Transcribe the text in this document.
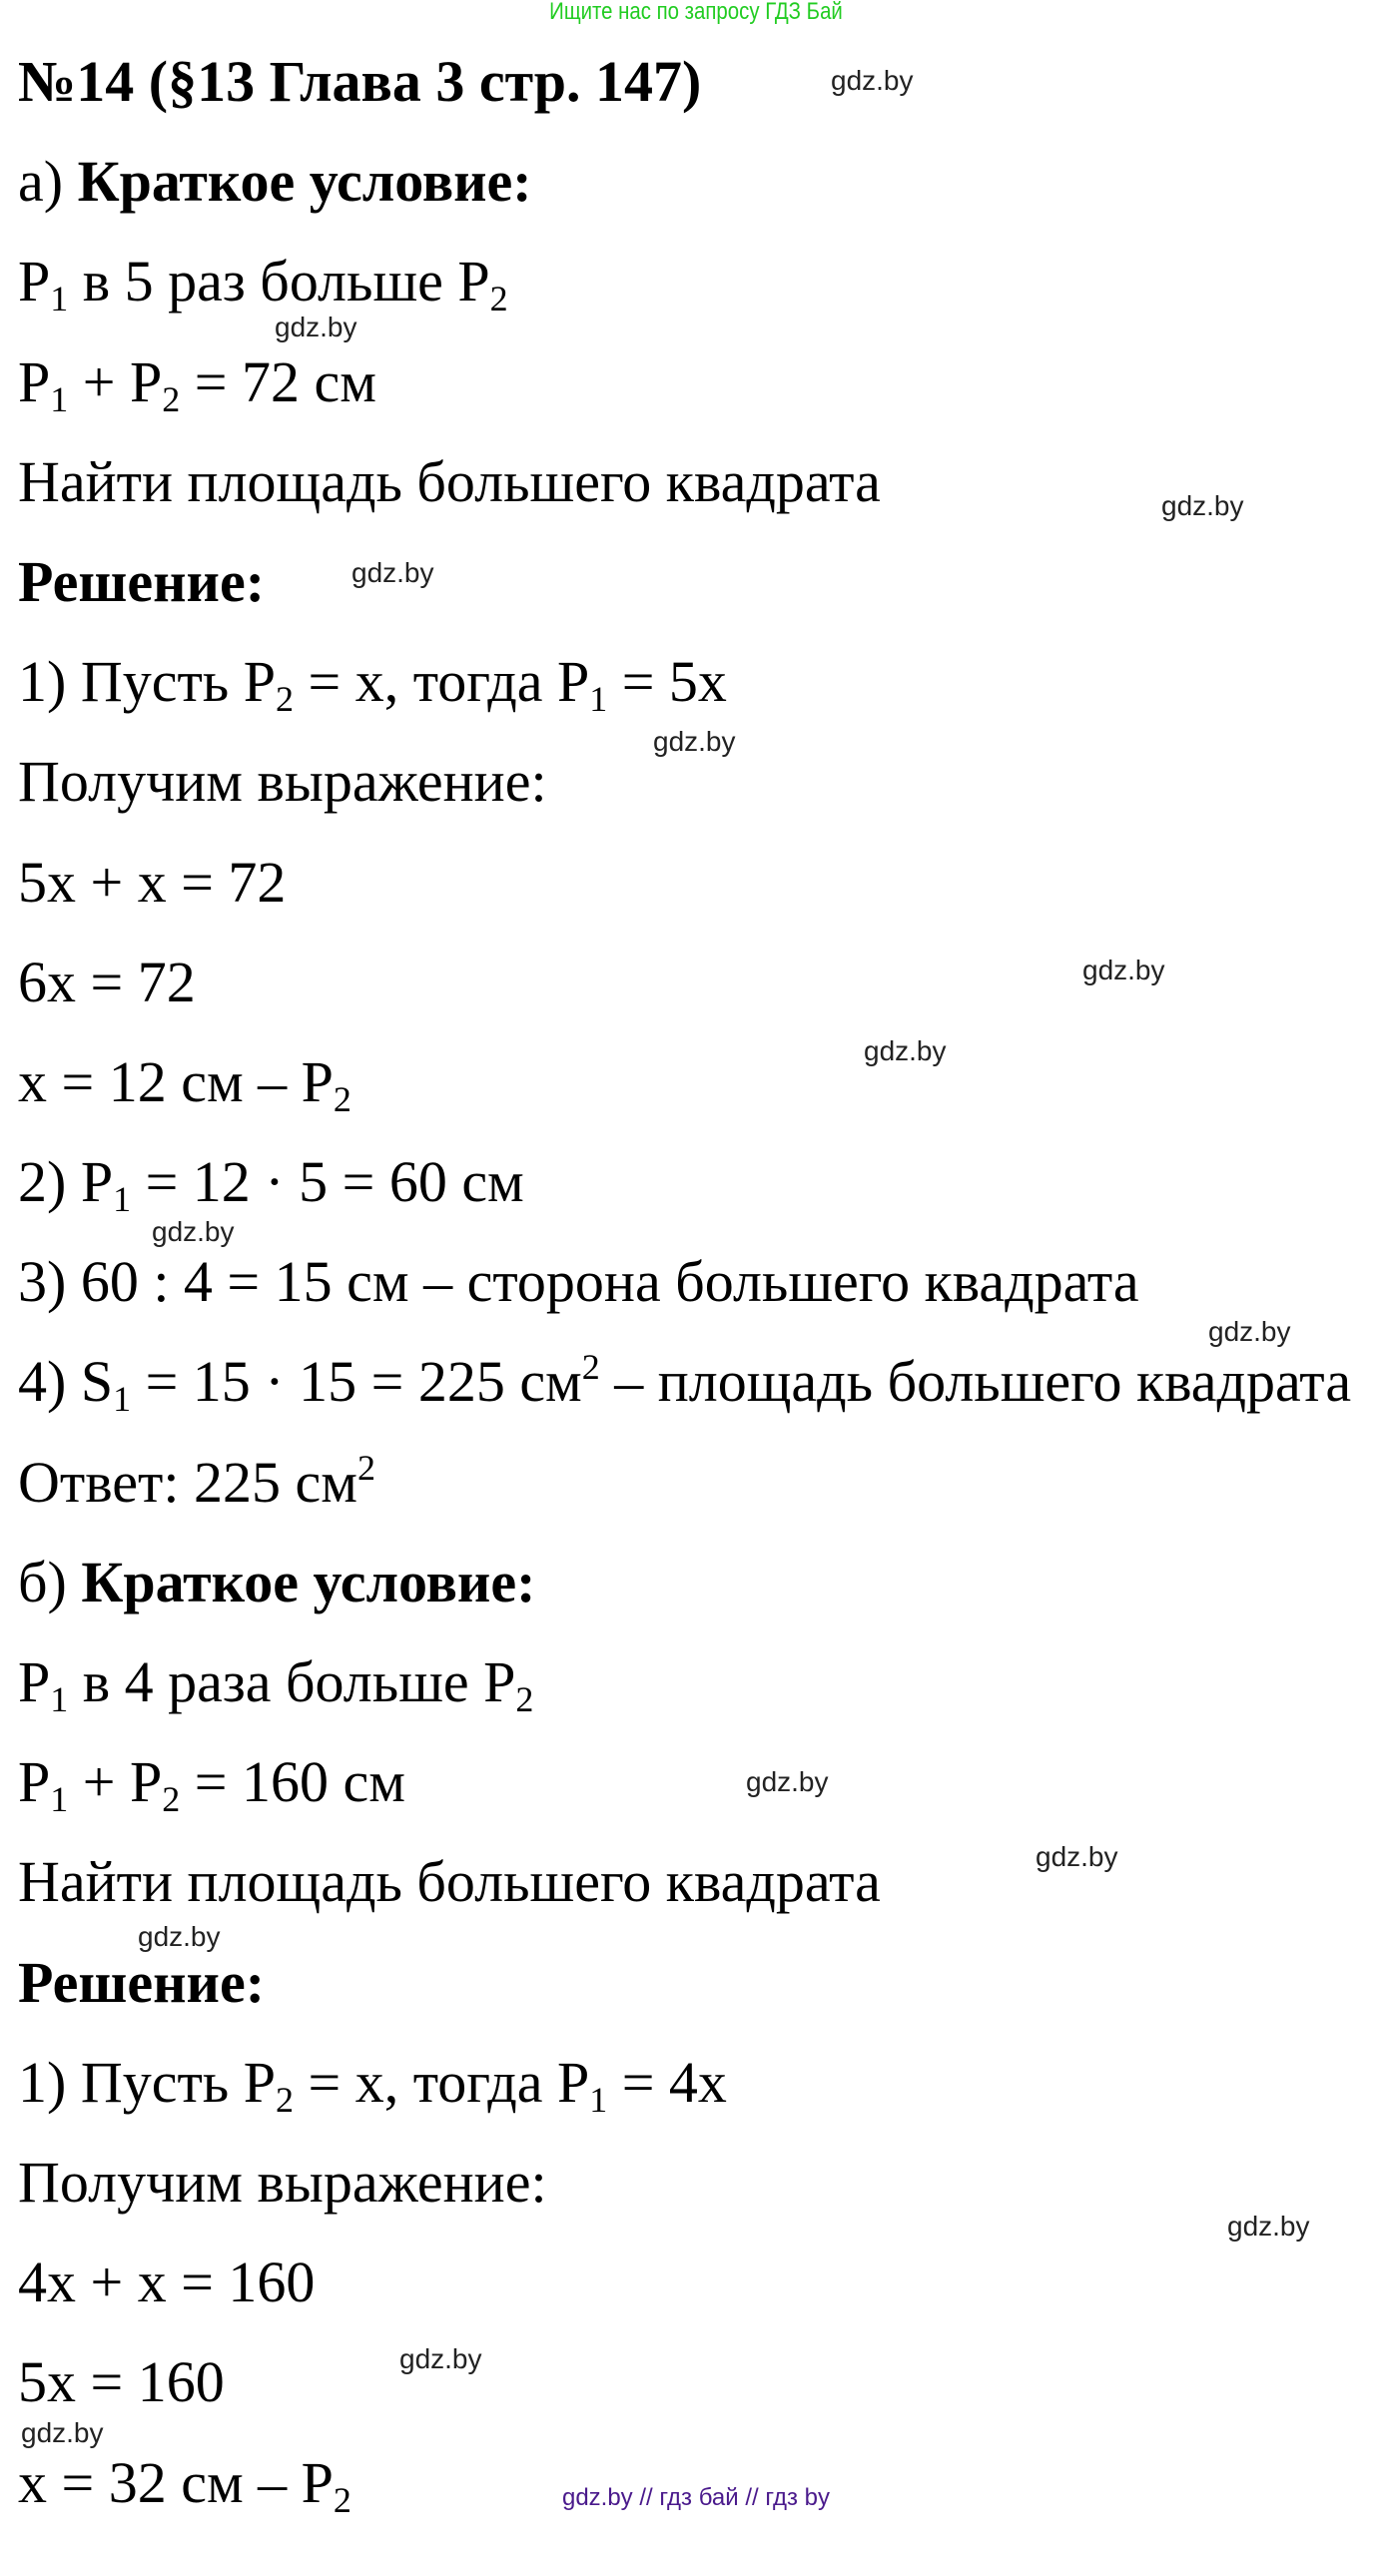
Ищите нас по запросу ГДЗ Бай
№14 (§13 Глава 3 стр. 147)
а) Краткое условие:
$P_1$ в 5 раз больше $P_2$
$P_1 + P_2 = 72$ см
Найти площадь большего квадрата
Решение:
1) Пусть $P_2 = x$, тогда $P_1 = 5x$
Получим выражение:
5x + x = 72
6x = 72
x = 12 см – $P_2$
2) $P_1 = 12 \cdot 5 = 60$ см
3) 60 : 4 = 15 см – сторона большего квадрата
4) $S_1 = 15 \cdot 15 = 225$ $см^2$ – площадь большего квадрата
Ответ: 225 $см^2$
б) Краткое условие:
$P_1$ в 4 раза больше $P_2$
$P_1 + P_2 = 160$ см
Найти площадь большего квадрата
Решение:
1) Пусть $P_2 = x$, тогда $P_1 = 4x$
Получим выражение:
4x + x = 160
5x = 160
x = 32 см – $P_2$
gdz.by
gdz.by
gdz.by
gdz.by
gdz.by
gdz.by
gdz.by
gdz.by
gdz.by
gdz.by
gdz.by
gdz.by
gdz.by
gdz.by
gdz.by
gdz.by // гдз бай // гдз by
